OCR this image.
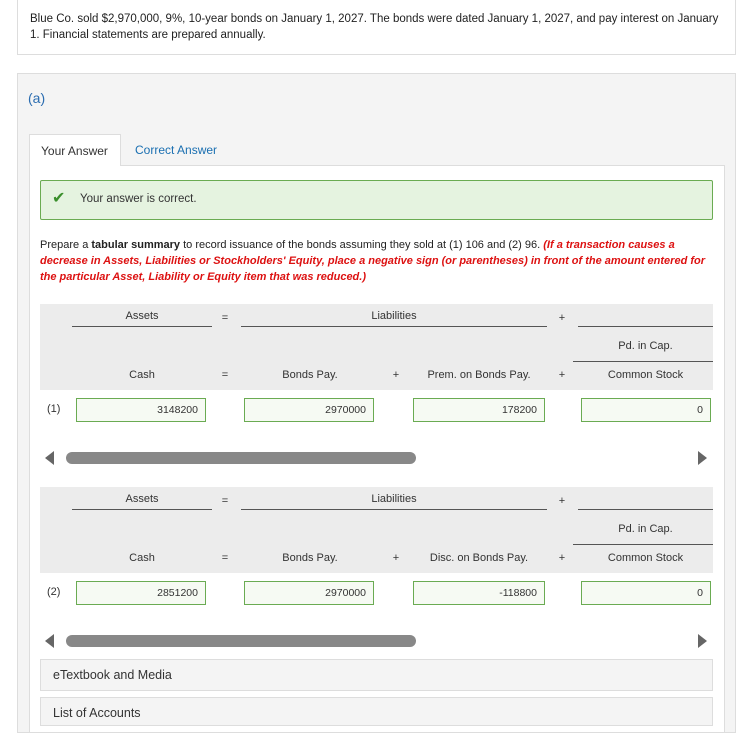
Blue Co. sold $2,970,000, 9%, 10-year bonds on January 1, 2027. The bonds were dated January 1, 2027, and pay interest on January 1. Financial statements are prepared annually.
(a)
Your Answer	Correct Answer
✔ Your answer is correct.
Prepare a tabular summary to record issuance of the bonds assuming they sold at (1) 106 and (2) 96. (If a transaction causes a decrease in Assets, Liabilities or Stockholders' Equity, place a negative sign (or parentheses) in front of the amount entered for the particular Asset, Liability or Equity item that was reduced.)
Assets	=	Liabilities	+
Pd. in Cap.
Cash	=	Bonds Pay.	+	Prem. on Bonds Pay.	+	Common Stock
(1)	3148200	2970000	178200	0
Assets	=	Liabilities	+
Pd. in Cap.
Cash	=	Bonds Pay.	+	Disc. on Bonds Pay.	+	Common Stock
(2)	2851200	2970000	-118800	0
eTextbook and Media
List of Accounts
